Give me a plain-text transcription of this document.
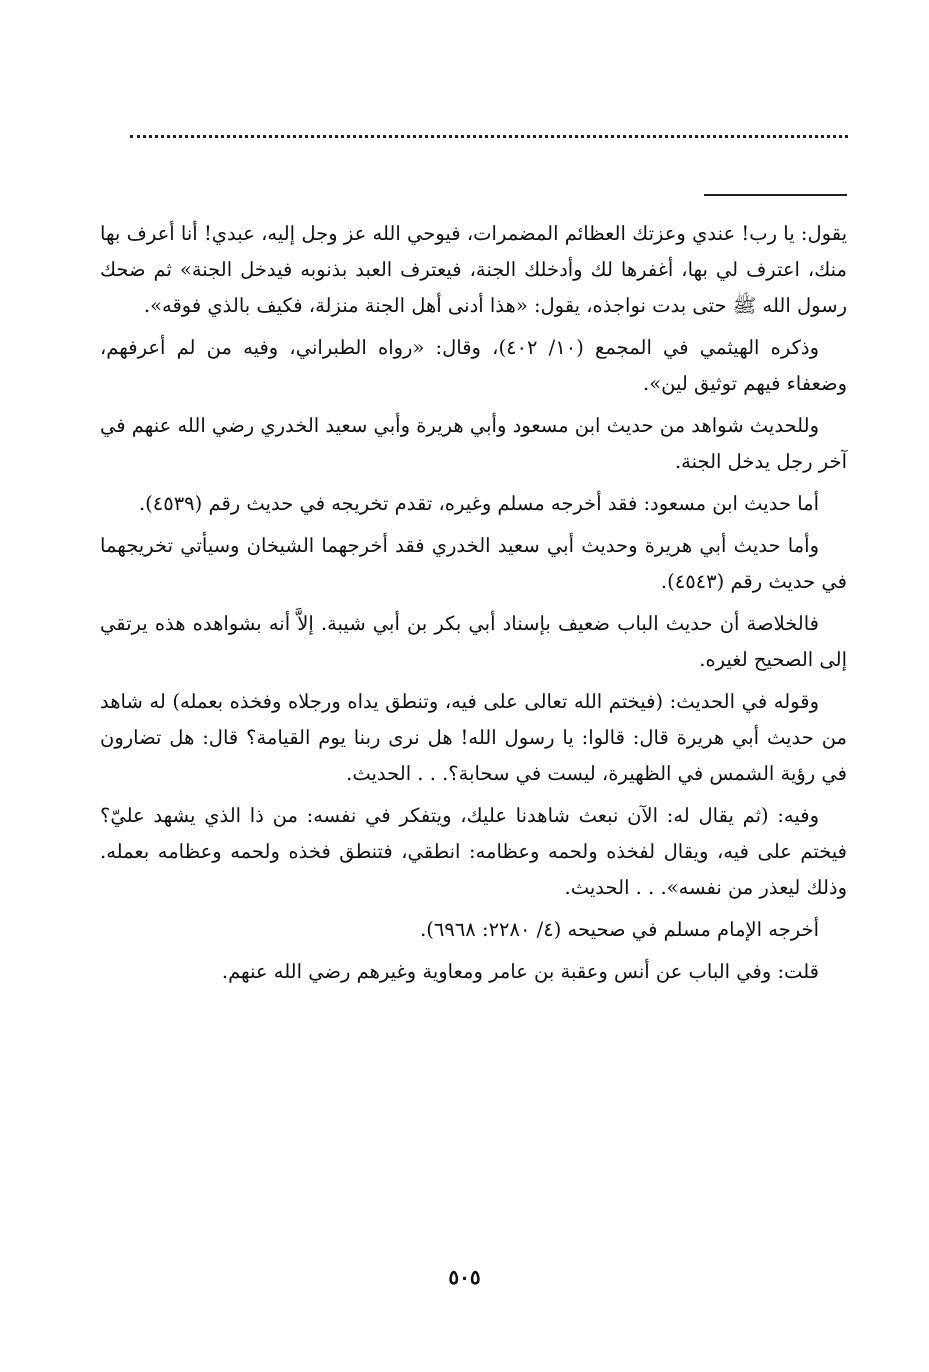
يقول: يا رب! عندي وعزتك العظائم المضمرات، فيوحي الله عز وجل إليه، عبدي! أنا أعرف بها منك، اعترف لي بها، أغفرها لك وأدخلك الجنة، فيعترف العبد بذنوبه فيدخل الجنة» ثم ضحك رسول الله ﷺ حتى بدت نواجذه، يقول: «هذا أدنى أهل الجنة منزلة، فكيف بالذي فوقه».

وذكره الهيثمي في المجمع (١٠/ ٤٠٢)، وقال: «رواه الطبراني، وفيه من لم أعرفهم، وضعفاء فيهم توثيق لين».

وللحديث شواهد من حديث ابن مسعود وأبي هريرة وأبي سعيد الخدري رضي الله عنهم في آخر رجل يدخل الجنة.

أما حديث ابن مسعود: فقد أخرجه مسلم وغيره، تقدم تخريجه في حديث رقم (٤٥٣٩).

وأما حديث أبي هريرة وحديث أبي سعيد الخدري فقد أخرجهما الشيخان وسيأتي تخريجهما في حديث رقم (٤٥٤٣).

فالخلاصة أن حديث الباب ضعيف بإسناد أبي بكر بن أبي شيبة. إلاَّ أنه بشواهده هذه يرتقي إلى الصحيح لغيره.

وقوله في الحديث: (فيختم الله تعالى على فيه، وتنطق يداه ورجلاه وفخذه بعمله) له شاهد من حديث أبي هريرة قال: قالوا: يا رسول الله! هل نرى ربنا يوم القيامة؟ قال: هل تضارون في رؤية الشمس في الظهيرة، ليست في سحابة؟. . . الحديث.

وفيه: (ثم يقال له: الآن نبعث شاهدنا عليك، ويتفكر في نفسه: من ذا الذي يشهد عليّ؟ فيختم على فيه، ويقال لفخذه ولحمه وعظامه: انطقي، فتنطق فخذه ولحمه وعظامه بعمله. وذلك ليعذر من نفسه». . . الحديث.

أخرجه الإمام مسلم في صحيحه (٤/ ٢٢٨٠: ٦٩٦٨).

قلت: وفي الباب عن أنس وعقبة بن عامر ومعاوية وغيرهم رضي الله عنهم.

٥٠٥
